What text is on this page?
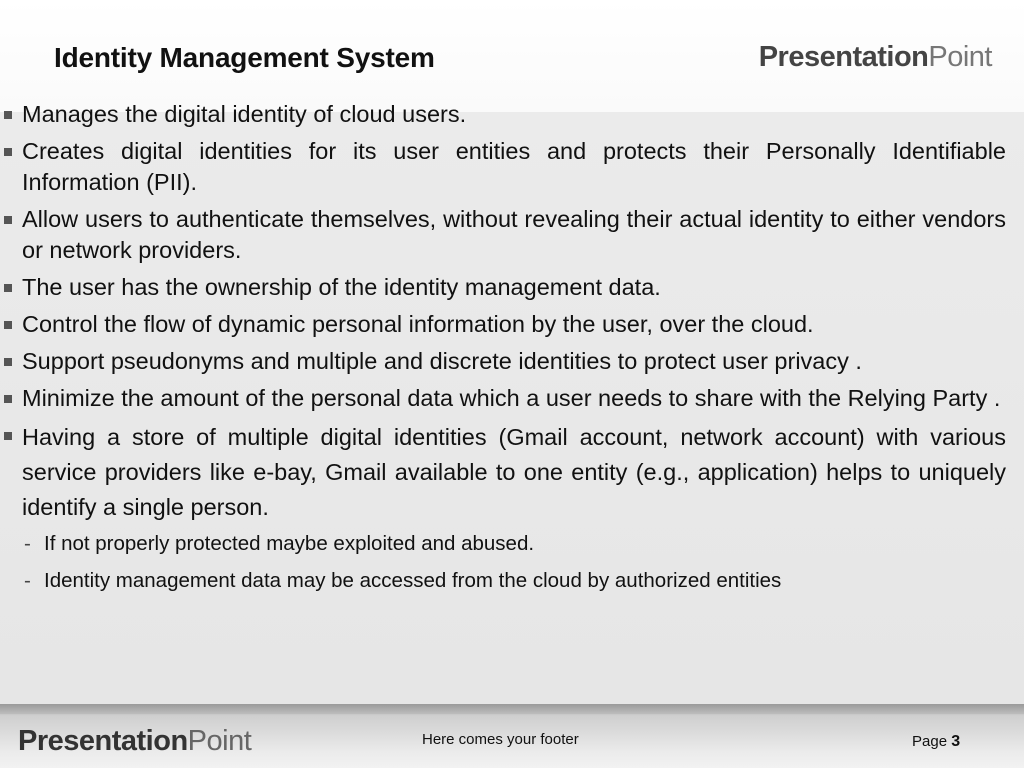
Identity Management System	PresentationPoint
Manages the digital identity of cloud users.
Creates digital identities for its user entities and protects their Personally Identifiable Information (PII).
Allow users to authenticate themselves, without revealing their actual identity to either vendors or network providers.
The user has the ownership of the identity management data.
Control the flow of dynamic personal information by the user, over the cloud.
Support pseudonyms and multiple and discrete identities to protect user privacy .
Minimize the amount of the personal data which a user needs to share with the Relying Party .
Having a store of multiple digital identities (Gmail account, network account) with various service providers like e-bay, Gmail available to one entity (e.g., application) helps to uniquely identify a single person.
- If not properly protected maybe exploited and abused.
- Identity management data may be accessed from the cloud by authorized entities
PresentationPoint	Here comes your footer	Page 3
